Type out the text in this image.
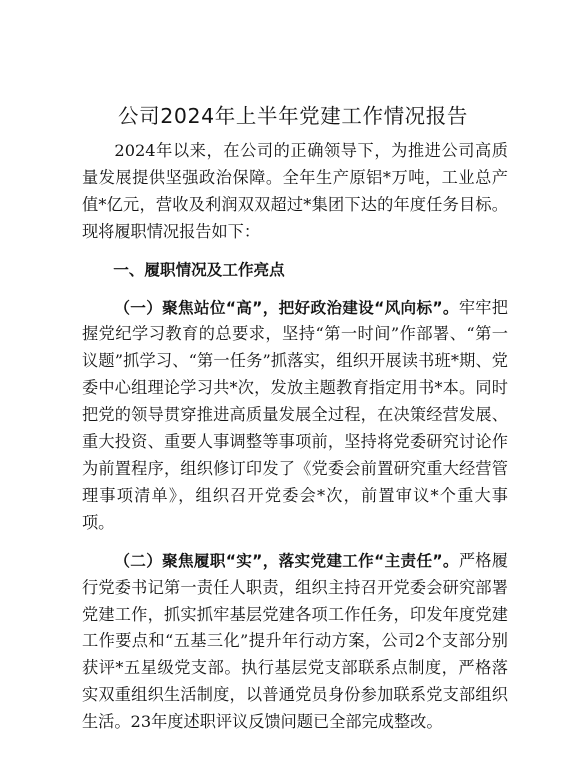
公司2024年上半年党建工作情况报告

2024年以来，在公司的正确领导下，为推进公司高质量发展提供坚强政治保障。全年生产原铝*万吨，工业总产值*亿元，营收及利润双双超过*集团下达的年度任务目标。现将履职情况报告如下：

一、履职情况及工作亮点

（一）聚焦站位“高”，把好政治建设“风向标”。牢牢把握党纪学习教育的总要求，坚持“第一时间”作部署、“第一议题”抓学习、“第一任务”抓落实，组织开展读书班*期、党委中心组理论学习共*次，发放主题教育指定用书*本。同时把党的领导贯穿推进高质量发展全过程，在决策经营发展、重大投资、重要人事调整等事项前，坚持将党委研究讨论作为前置程序，组织修订印发了《党委会前置研究重大经营管理事项清单》，组织召开党委会*次，前置审议*个重大事项。

（二）聚焦履职“实”，落实党建工作“主责任”。严格履行党委书记第一责任人职责，组织主持召开党委会研究部署党建工作，抓实抓牢基层党建各项工作任务，印发年度党建工作要点和“五基三化”提升年行动方案，公司2个支部分别获评*五星级党支部。执行基层党支部联系点制度，严格落实双重组织生活制度，以普通党员身份参加联系党支部组织生活。23年度述职评议反馈问题已全部完成整改。
